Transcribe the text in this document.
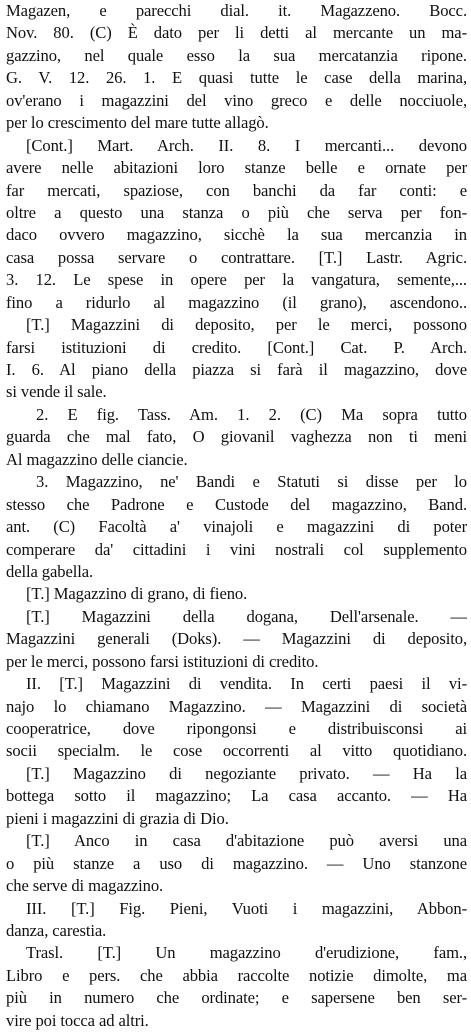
Magazen, e parecchi dial. it. Magazzeno. Bocc.
Nov. 80. (C) È dato per li detti al mercante un ma-
gazzino, nel quale esso la sua mercatanzia ripone.
G. V. 12. 26. 1. E quasi tutte le case della marina,
ov'erano i magazzini del vino greco e delle nocciuole,
per lo crescimento del mare tutte allagò.
[Cont.] Mart. Arch. II. 8. I mercanti... devono
avere nelle abitazioni loro stanze belle e ornate per
far mercati, spaziose, con banchi da far conti: e
oltre a questo una stanza o più che serva per fon-
daco ovvero magazzino, sicchè la sua mercanzia in
casa possa servare o contrattare. [T.] Lastr. Agric.
3. 12. Le spese in opere per la vangatura, semente,...
fino a ridurlo al magazzino (il grano), ascendono..
[T.] Magazzini di deposito, per le merci, possono
farsi istituzioni di credito. [Cont.] Cat. P. Arch.
I. 6. Al piano della piazza si farà il magazzino, dove
si vende il sale.
2. E fig. Tass. Am. 1. 2. (C) Ma sopra tutto
guarda che mal fato, O giovanil vaghezza non ti meni
Al magazzino delle ciancie.
3. Magazzino, ne' Bandi e Statuti si disse per lo
stesso che Padrone e Custode del magazzino, Band.
ant. (C) Facoltà a' vinajoli e magazzini di poter
comperare da' cittadini i vini nostrali col supplemento
della gabella.
[T.] Magazzino di grano, di fieno.
[T.] Magazzini della dogana, Dell'arsenale. —
Magazzini generali (Doks). — Magazzini di deposito,
per le merci, possono farsi istituzioni di credito.
II. [T.] Magazzini di vendita. In certi paesi il vi-
najo lo chiamano Magazzino. — Magazzini di società
cooperatrice, dove ripongonsi e distribuisconsi ai
socii specialm. le cose occorrenti al vitto quotidiano.
[T.] Magazzino di negoziante privato. — Ha la
bottega sotto il magazzino; La casa accanto. — Ha
pieni i magazzini di grazia di Dio.
[T.] Anco in casa d'abitazione può aversi una
o più stanze a uso di magazzino. — Uno stanzone
che serve di magazzino.
III. [T.] Fig. Pieni, Vuoti i magazzini, Abbon-
danza, carestia.
Trasl. [T.] Un magazzino d'erudizione, fam.,
Libro e pers. che abbia raccolte notizie dimolte, ma
più in numero che ordinate; e sapersene ben ser-
vire poi tocca ad altri.
